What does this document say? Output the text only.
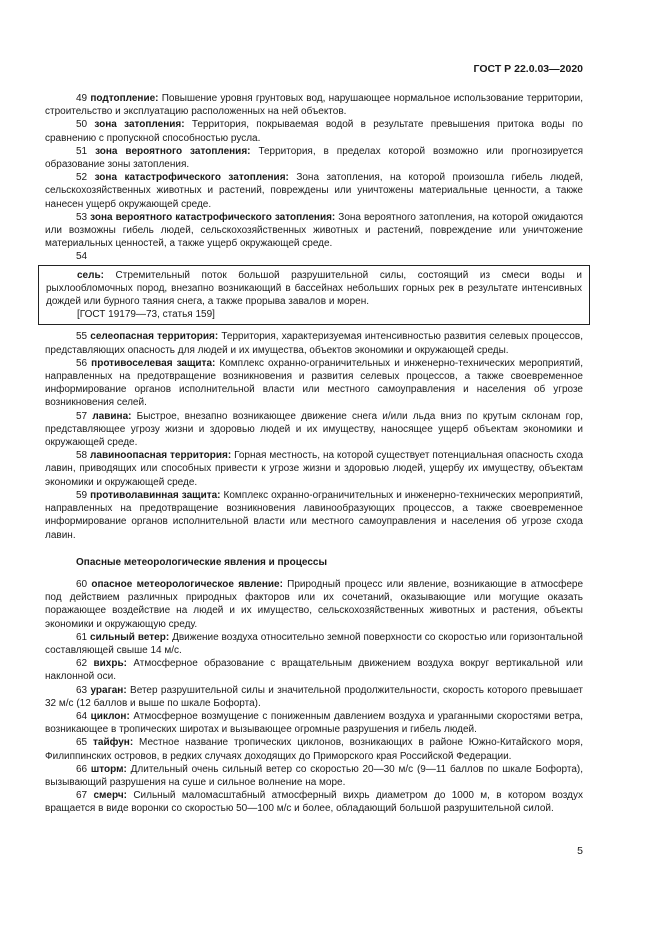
ГОСТ Р 22.0.03—2020

49 подтопление: Повышение уровня грунтовых вод, нарушающее нормальное использование территории, строительство и эксплуатацию расположенных на ней объектов.

50 зона затопления: Территория, покрываемая водой в результате превышения притока воды по сравнению с пропускной способностью русла.

51 зона вероятного затопления: Территория, в пределах которой возможно или прогнозируется образование зоны затопления.

52 зона катастрофического затопления: Зона затопления, на которой произошла гибель людей, сельскохозяйственных животных и растений, повреждены или уничтожены материальные ценности, а также нанесен ущерб окружающей среде.

53 зона вероятного катастрофического затопления: Зона вероятного затопления, на которой ожидаются или возможны гибель людей, сельскохозяйственных животных и растений, повреждение или уничтожение материальных ценностей, а также ущерб окружающей среде.

54

сель: Стремительный поток большой разрушительной силы, состоящий из смеси воды и рыхлообломочных пород, внезапно возникающий в бассейнах небольших горных рек в результате интенсивных дождей или бурного таяния снега, а также прорыва завалов и морен.

[ГОСТ 19179—73, статья 159]

55 селеопасная территория: Территория, характеризуемая интенсивностью развития селевых процессов, представляющих опасность для людей и их имущества, объектов экономики и окружающей среды.

56 противоселевая защита: Комплекс охранно-ограничительных и инженерно-технических мероприятий, направленных на предотвращение возникновения и развития селевых процессов, а также своевременное информирование органов исполнительной власти или местного самоуправления и населения об угрозе возникновения селей.

57 лавина: Быстрое, внезапно возникающее движение снега и/или льда вниз по крутым склонам гор, представляющее угрозу жизни и здоровью людей и их имуществу, наносящее ущерб объектам экономики и окружающей среде.

58 лавиноопасная территория: Горная местность, на которой существует потенциальная опасность схода лавин, приводящих или способных привести к угрозе жизни и здоровью людей, ущербу их имуществу, объектам экономики и окружающей среде.

59 противолавинная защита: Комплекс охранно-ограничительных и инженерно-технических мероприятий, направленных на предотвращение возникновения лавинообразующих процессов, а также своевременное информирование органов исполнительной власти или местного самоуправления и населения об угрозе схода лавин.

Опасные метеорологические явления и процессы

60 опасное метеорологическое явление: Природный процесс или явление, возникающие в атмосфере под действием различных природных факторов или их сочетаний, оказывающие или могущие оказать поражающее воздействие на людей и их имущество, сельскохозяйственных животных и растения, объекты экономики и окружающую среду.

61 сильный ветер: Движение воздуха относительно земной поверхности со скоростью или горизонтальной составляющей свыше 14 м/с.

62 вихрь: Атмосферное образование с вращательным движением воздуха вокруг вертикальной или наклонной оси.

63 ураган: Ветер разрушительной силы и значительной продолжительности, скорость которого превышает 32 м/с (12 баллов и выше по шкале Бофорта).

64 циклон: Атмосферное возмущение с пониженным давлением воздуха и ураганными скоростями ветра, возникающее в тропических широтах и вызывающее огромные разрушения и гибель людей.

65 тайфун: Местное название тропических циклонов, возникающих в районе Южно-Китайского моря, Филиппинских островов, в редких случаях доходящих до Приморского края Российской Федерации.

66 шторм: Длительный очень сильный ветер со скоростью 20—30 м/с (9—11 баллов по шкале Бофорта), вызывающий разрушения на суше и сильное волнение на море.

67 смерч: Сильный маломасштабный атмосферный вихрь диаметром до 1000 м, в котором воздух вращается в виде воронки со скоростью 50—100 м/с и более, обладающий большой разрушительной силой.

5
